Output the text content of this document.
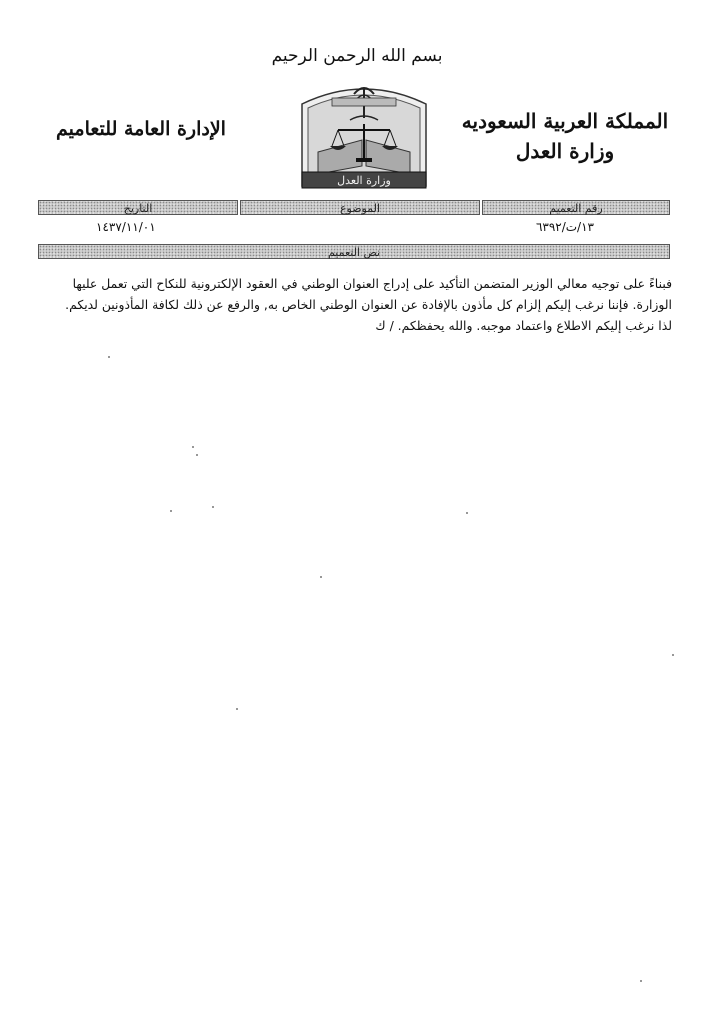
بسم الله الرحمن الرحيم
المملكة العربية السعوديه
وزارة العدل
الإدارة العامة للتعاميم
وزارة العدل
رقم التعميم
الموضوع
التاريخ
١٣/ت/٦٣٩٢
١٤٣٧/١١/٠١
نص التعميم
فبناءً على توجيه معالي الوزير المتضمن التأكيد على إدراج العنوان الوطني في العقود الإلكترونية للنكاح التي تعمل عليها الوزارة. فإننا نرغب إليكم إلزام كل مأذون بالإفادة عن العنوان الوطني الخاص به, والرفع عن ذلك لكافة المأذونين لديكم. لذا نرغب إليكم الاطلاع واعتماد موجبه. والله يحفظكم. / ك
